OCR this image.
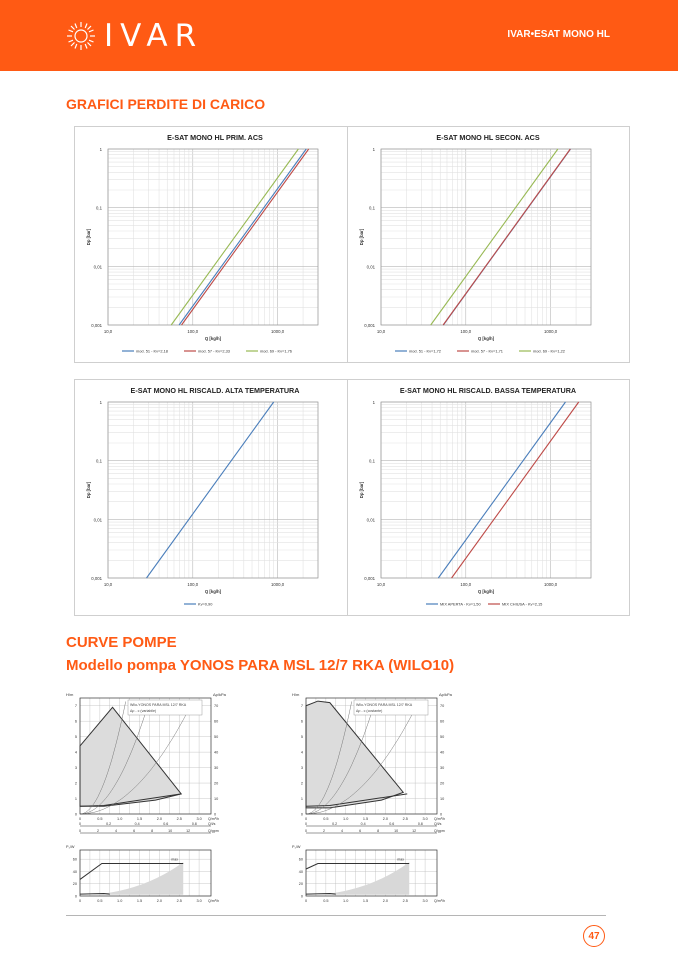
IVAR	IVAR•ESAT MONO HL
GRAFICI PERDITE DI CARICO
E-SAT MONO HL PRIM. ACS
1
0,1
0,01
0,001
10,0	100,0	1000,0
Q [kg/h]
Dp [bar]
mod. 51 - Kv=2,18	mod. 57 - Kv=2,33	mod. 69 - Kv=1,76
E-SAT MONO HL SECON. ACS
1
0,1
0,01
0,001
10,0	100,0	1000,0
Q [kg/h]
Dp [bar]
mod. 51 - Kv=1,72	mod. 57 - Kv=1,71	mod. 69 - Kv=1,22
E-SAT MONO HL RISCALD. ALTA TEMPERATURA
1
0,1
0,01
0,001
10,0	100,0	1000,0
Q [kg/h]
Dp [bar]
Kv=0,90
E-SAT MONO HL RISCALD. BASSA TEMPERATURA
1
0,1
0,01
0,001
10,0	100,0	1000,0
Q [kg/h]
Dp [bar]
MIX APERTA - Kv=1,50	MIX CHIUSA - Kv=2,15
CURVE POMPE
Modello pompa YONOS PARA MSL 12/7 RKA (WILO10)
H/m	Δp/kPa
Wilo-YONOS PARA MSL 12/7 RKA
Δp - c (variabile)
0
1
2
3
4
5
6
7
0
10
20
30
40
50
60
70
0	0.5	1.0	1.5	2.0	2.5	3.0 Q/m³/h
0	0.2	0.4	0.6	0.8	Q/l/s
0	2	4	6	8	10	12	Q/gpm
P₁/W
max
0
20
40
60
0	0.5	1.0	1.5	2.0	2.5	3.0 Q/m³/h
H/m	Δp/kPa
Wilo-YONOS PARA MSL 12/7 RKA
Δp - c (costante)
0
1
2
3
4
5
6
7
0
10
20
30
40
50
60
70
0	0.5	1.0	1.5	2.0	2.5	3.0 Q/m³/h
0	0.2	0.4	0.6	0.8	Q/l/s
0	2	4	6	8	10	12	Q/gpm
P₁/W
max
0
20
40
60
0	0.5	1.0	1.5	2.0	2.5	3.0 Q/m³/h
47
